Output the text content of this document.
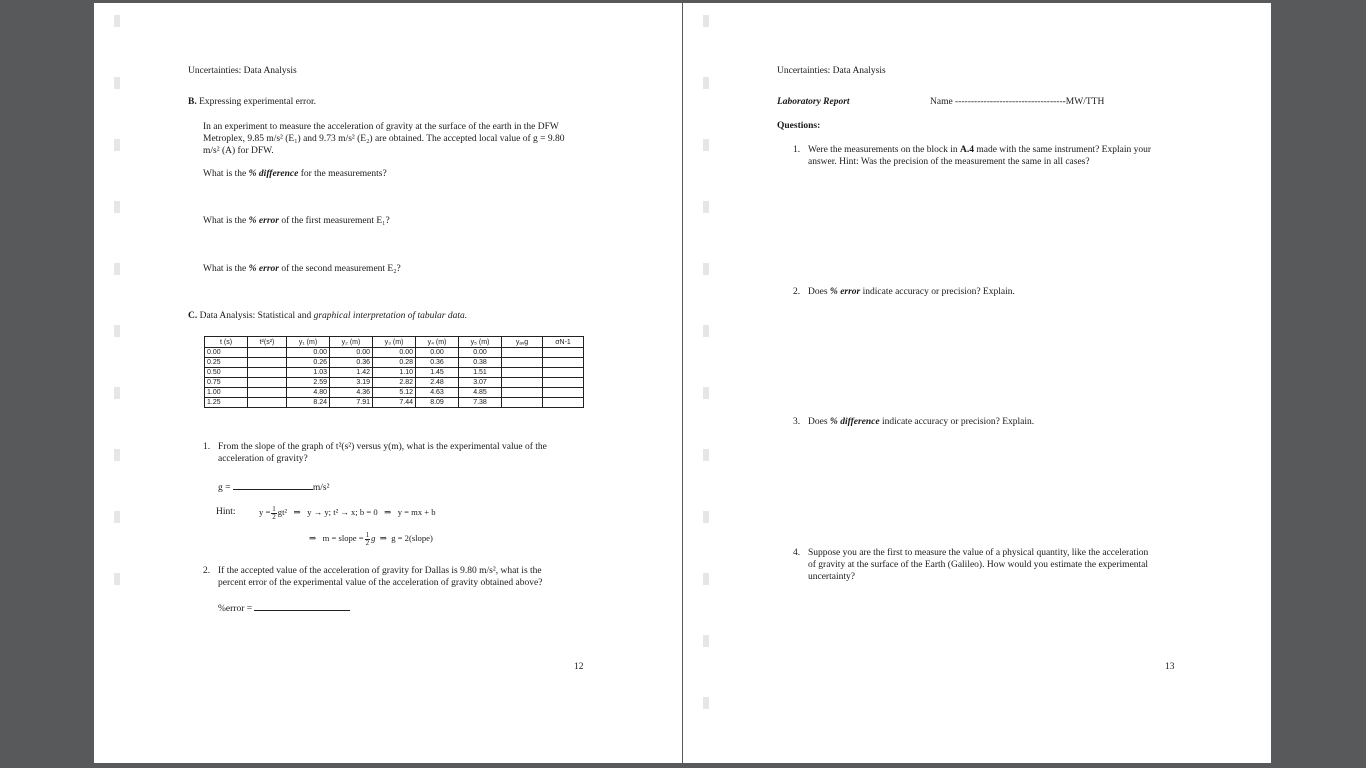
Uncertainties: Data Analysis
B. Expressing experimental error.
In an experiment to measure the acceleration of gravity at the surface of the earth in the DFW
Metroplex, 9.85 m/s² (E₁) and 9.73 m/s² (E₂) are obtained. The accepted local value of g = 9.80
m/s² (A) for DFW.
What is the % difference for the measurements?
What is the % error of the first measurement E₁?
What is the % error of the second measurement E₂?
C. Data Analysis: Statistical and graphical interpretation of tabular data.
t (s)	t²(s²)	y₁ (m)	y₂ (m)	y₃ (m)	y₄ (m)	y₅ (m)	yₐᵥg	σN-1
0.00		0.00	0.00	0.00	0.00	0.00		
0.25		0.26	0.36	0.28	0.36	0.38		
0.50		1.03	1.42	1.10	1.45	1.51		
0.75		2.59	3.19	2.82	2.48	3.07		
1.00		4.80	4.36	5.12	4.63	4.85		
1.25		8.24	7.91	7.44	8.09	7.38		
1. From the slope of the graph of t²(s²) versus y(m), what is the experimental value of the
acceleration of gravity?
g =	m/s²
Hint:	$y = \frac{1}{2} gt^2$ ⇒ y → y; t² → x; b = 0 ⇒ y = mx + b
⇒ m = slope = $\frac{1}{2}$ g ⇒ g = 2(slope)
2. If the accepted value of the acceleration of gravity for Dallas is 9.80 m/s², what is the
percent error of the experimental value of the acceleration of gravity obtained above?
%error =
12
Uncertainties: Data Analysis
Laboratory Report	Name -----------------------------------MW/TTH
Questions:
1. Were the measurements on the block in A.4 made with the same instrument? Explain your
answer. Hint: Was the precision of the measurement the same in all cases?
2. Does % error indicate accuracy or precision? Explain.
3. Does % difference indicate accuracy or precision? Explain.
4. Suppose you are the first to measure the value of a physical quantity, like the acceleration
of gravity at the surface of the Earth (Galileo). How would you estimate the experimental
uncertainty?
13
